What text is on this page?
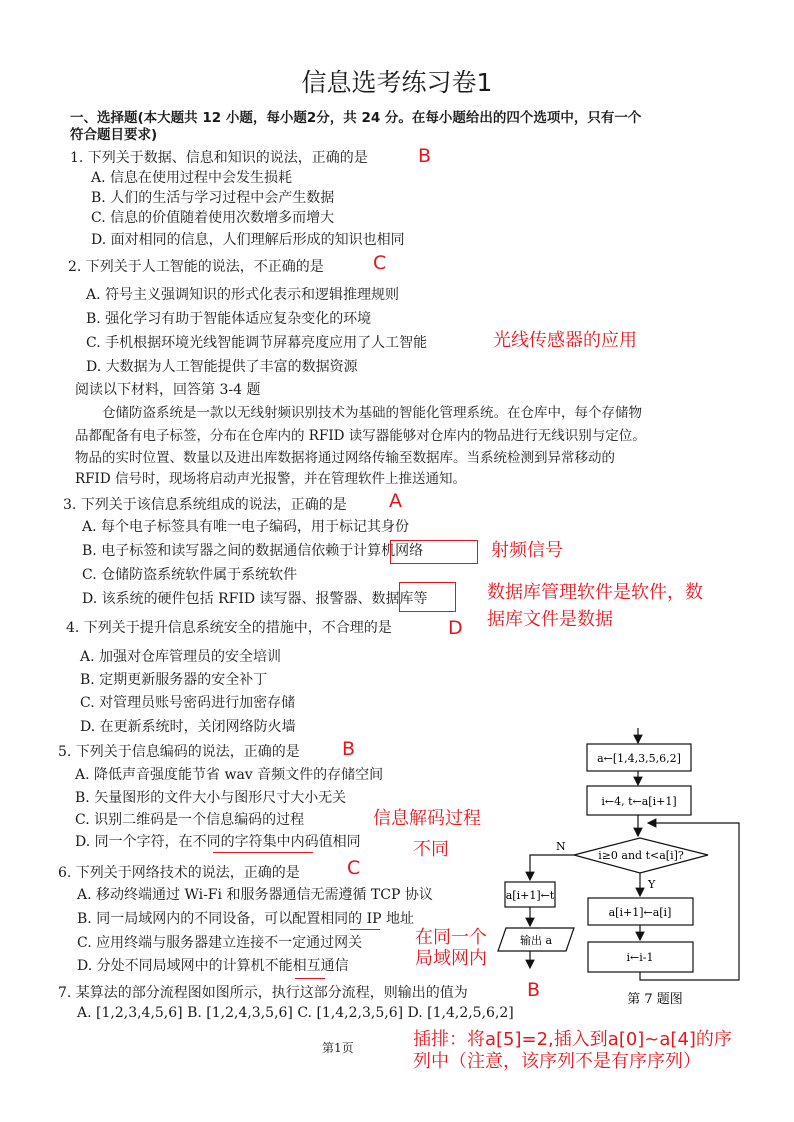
信息选考练习卷1
一、选择题(本大题共 12 小题，每小题2分，共 24 分。在每小题给出的四个选项中，只有一个
符合题目要求)
1. 下列关于数据、信息和知识的说法，正确的是	B
A. 信息在使用过程中会发生损耗
B. 人们的生活与学习过程中会产生数据
C. 信息的价值随着使用次数增多而增大
D. 面对相同的信息，人们理解后形成的知识也相同
2. 下列关于人工智能的说法，不正确的是	C
A. 符号主义强调知识的形式化表示和逻辑推理规则
B. 强化学习有助于智能体适应复杂变化的环境
C. 手机根据环境光线智能调节屏幕亮度应用了人工智能	光线传感器的应用
D. 大数据为人工智能提供了丰富的数据资源
阅读以下材料，回答第 3-4 题
仓储防盗系统是一款以无线射频识别技术为基础的智能化管理系统。在仓库中，每个存储物
品都配备有电子标签，分布在仓库内的 RFID 读写器能够对仓库内的物品进行无线识别与定位。
物品的实时位置、数量以及进出库数据将通过网络传输至数据库。当系统检测到异常移动的
RFID 信号时，现场将启动声光报警，并在管理软件上推送通知。
3. 下列关于该信息系统组成的说法，正确的是 A
A. 每个电子标签具有唯一电子编码，用于标记其身份
B. 电子标签和读写器之间的数据通信依赖于计算机网络	射频信号
C. 仓储防盗系统软件属于系统软件
D. 该系统的硬件包括 RFID 读写器、报警器、数据库等	数据库管理软件是软件，数
据库文件是数据
4. 下列关于提升信息系统安全的措施中，不合理的是	D
A. 加强对仓库管理员的安全培训
B. 定期更新服务器的安全补丁
C. 对管理员账号密码进行加密存储
D. 在更新系统时，关闭网络防火墙
5. 下列关于信息编码的说法，正确的是 B
A. 降低声音强度能节省 wav 音频文件的存储空间
B. 矢量图形的文件大小与图形尺寸大小无关
C. 识别二维码是一个信息编码的过程	信息解码过程
D. 同一个字符，在不同的字符集中内码值相同	不同
6. 下列关于网络技术的说法，正确的是 C
A. 移动终端通过 Wi-Fi 和服务器通信无需遵循 TCP 协议
B. 同一局域网内的不同设备，可以配置相同的 IP 地址
C. 应用终端与服务器建立连接不一定通过网关	在同一个
D. 分处不同局域网中的计算机不能相互通信	局域网内
7. 某算法的部分流程图如图所示，执行这部分流程，则输出的值为	B
A. [1,2,3,4,5,6] B. [1,2,4,3,5,6] C. [1,4,2,3,5,6] D. [1,4,2,5,6,2]
插排：将a[5]=2,插入到a[0]~a[4]的序
列中（注意，该序列不是有序序列）
第1页
a←[1,4,3,5,6,2]
i←4, t←a[i+1]
i≥0 and t<a[i]?
N
Y
a[i+1]←t
输出 a
a[i+1]←a[i]
i←i-1
第 7 题图
